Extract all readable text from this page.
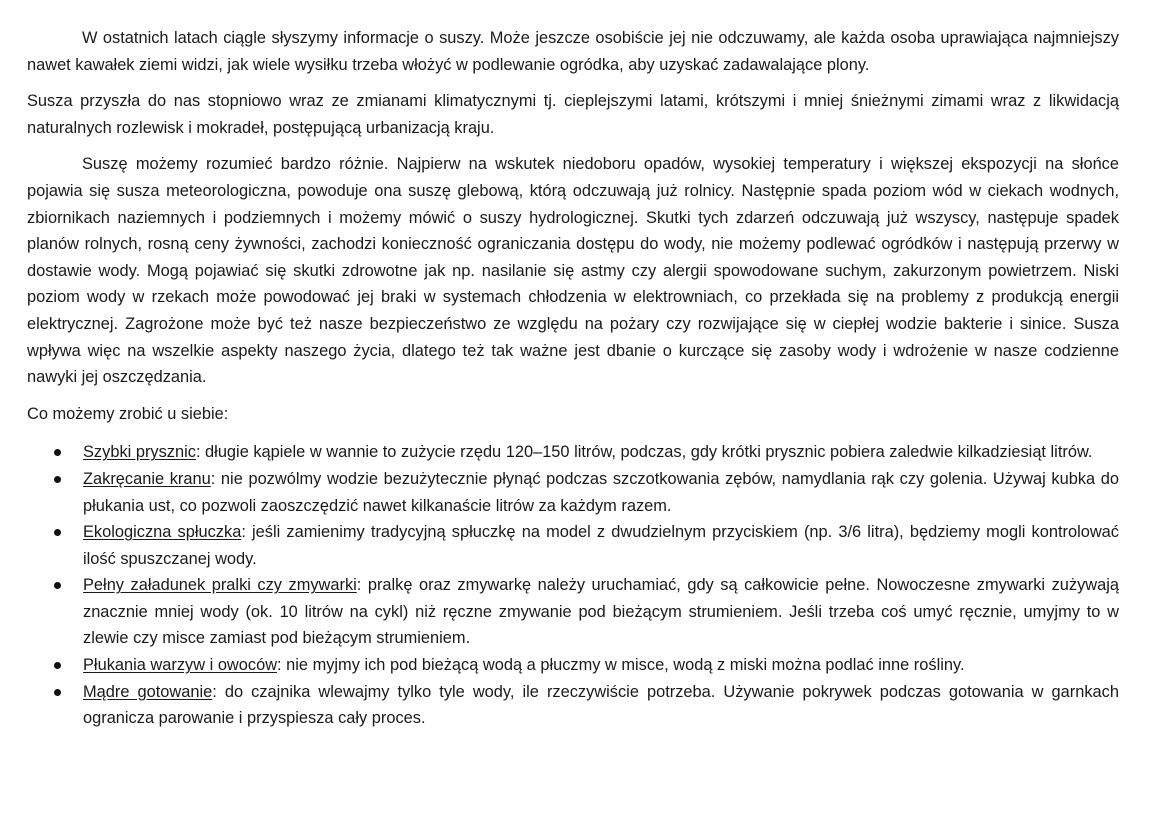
W ostatnich latach ciągle słyszymy informacje o suszy. Może jeszcze osobiście jej nie odczuwamy, ale każda osoba uprawiająca najmniejszy nawet kawałek ziemi widzi, jak wiele wysiłku trzeba włożyć w podlewanie ogródka, aby uzyskać zadawalające plony.

Susza przyszła do nas stopniowo wraz ze zmianami klimatycznymi tj. cieplejszymi latami, krótszymi i mniej śnieżnymi zimami wraz z likwidacją naturalnych rozlewisk i mokradeł, postępującą urbanizacją kraju.

Suszę możemy rozumieć bardzo różnie. Najpierw na wskutek niedoboru opadów, wysokiej temperatury i większej ekspozycji na słońce pojawia się susza meteorologiczna, powoduje ona suszę glebową, którą odczuwają już rolnicy. Następnie spada poziom wód w ciekach wodnych, zbiornikach naziemnych i podziemnych i możemy mówić o suszy hydrologicznej. Skutki tych zdarzeń odczuwają już wszyscy, następuje spadek planów rolnych, rosną ceny żywności, zachodzi konieczność ograniczania dostępu do wody, nie możemy podlewać ogródków i następują przerwy w dostawie wody. Mogą pojawiać się skutki zdrowotne jak np. nasilanie się astmy czy alergii spowodowane suchym, zakurzonym powietrzem. Niski poziom wody w rzekach może powodować jej braki w systemach chłodzenia w elektrowniach, co przekłada się na problemy z produkcją energii elektrycznej. Zagrożone może być też nasze bezpieczeństwo ze względu na pożary czy rozwijające się w ciepłej wodzie bakterie i sinice. Susza wpływa więc na wszelkie aspekty naszego życia, dlatego też tak ważne jest dbanie o kurczące się zasoby wody i wdrożenie w nasze codzienne nawyki jej oszczędzania.

Co możemy zrobić u siebie:

Szybki prysznic: długie kąpiele w wannie to zużycie rzędu 120–150 litrów, podczas, gdy krótki prysznic pobiera zaledwie kilkadziesiąt litrów.
Zakręcanie kranu: nie pozwólmy wodzie bezużytecznie płynąć podczas szczotkowania zębów, namydlania rąk czy golenia. Używaj kubka do płukania ust, co pozwoli zaoszczędzić nawet kilkanaście litrów za każdym razem.
Ekologiczna spłuczka: jeśli zamienimy tradycyjną spłuczkę na model z dwudzielnym przyciskiem (np. 3/6 litra), będziemy mogli kontrolować ilość spuszczanej wody.
Pełny załadunek pralki czy zmywarki: pralkę oraz zmywarkę należy uruchamiać, gdy są całkowicie pełne. Nowoczesne zmywarki zużywają znacznie mniej wody (ok. 10 litrów na cykl) niż ręczne zmywanie pod bieżącym strumieniem. Jeśli trzeba coś umyć ręcznie, umyjmy to w zlewie czy misce zamiast pod bieżącym strumieniem.
Płukania warzyw i owoców: nie myjmy ich pod bieżącą wodą a płuczmy w misce, wodą z miski można podlać inne rośliny.
Mądre gotowanie: do czajnika wlewajmy tylko tyle wody, ile rzeczywiście potrzeba. Używanie pokrywek podczas gotowania w garnkach ogranicza parowanie i przyspiesza cały proces.
